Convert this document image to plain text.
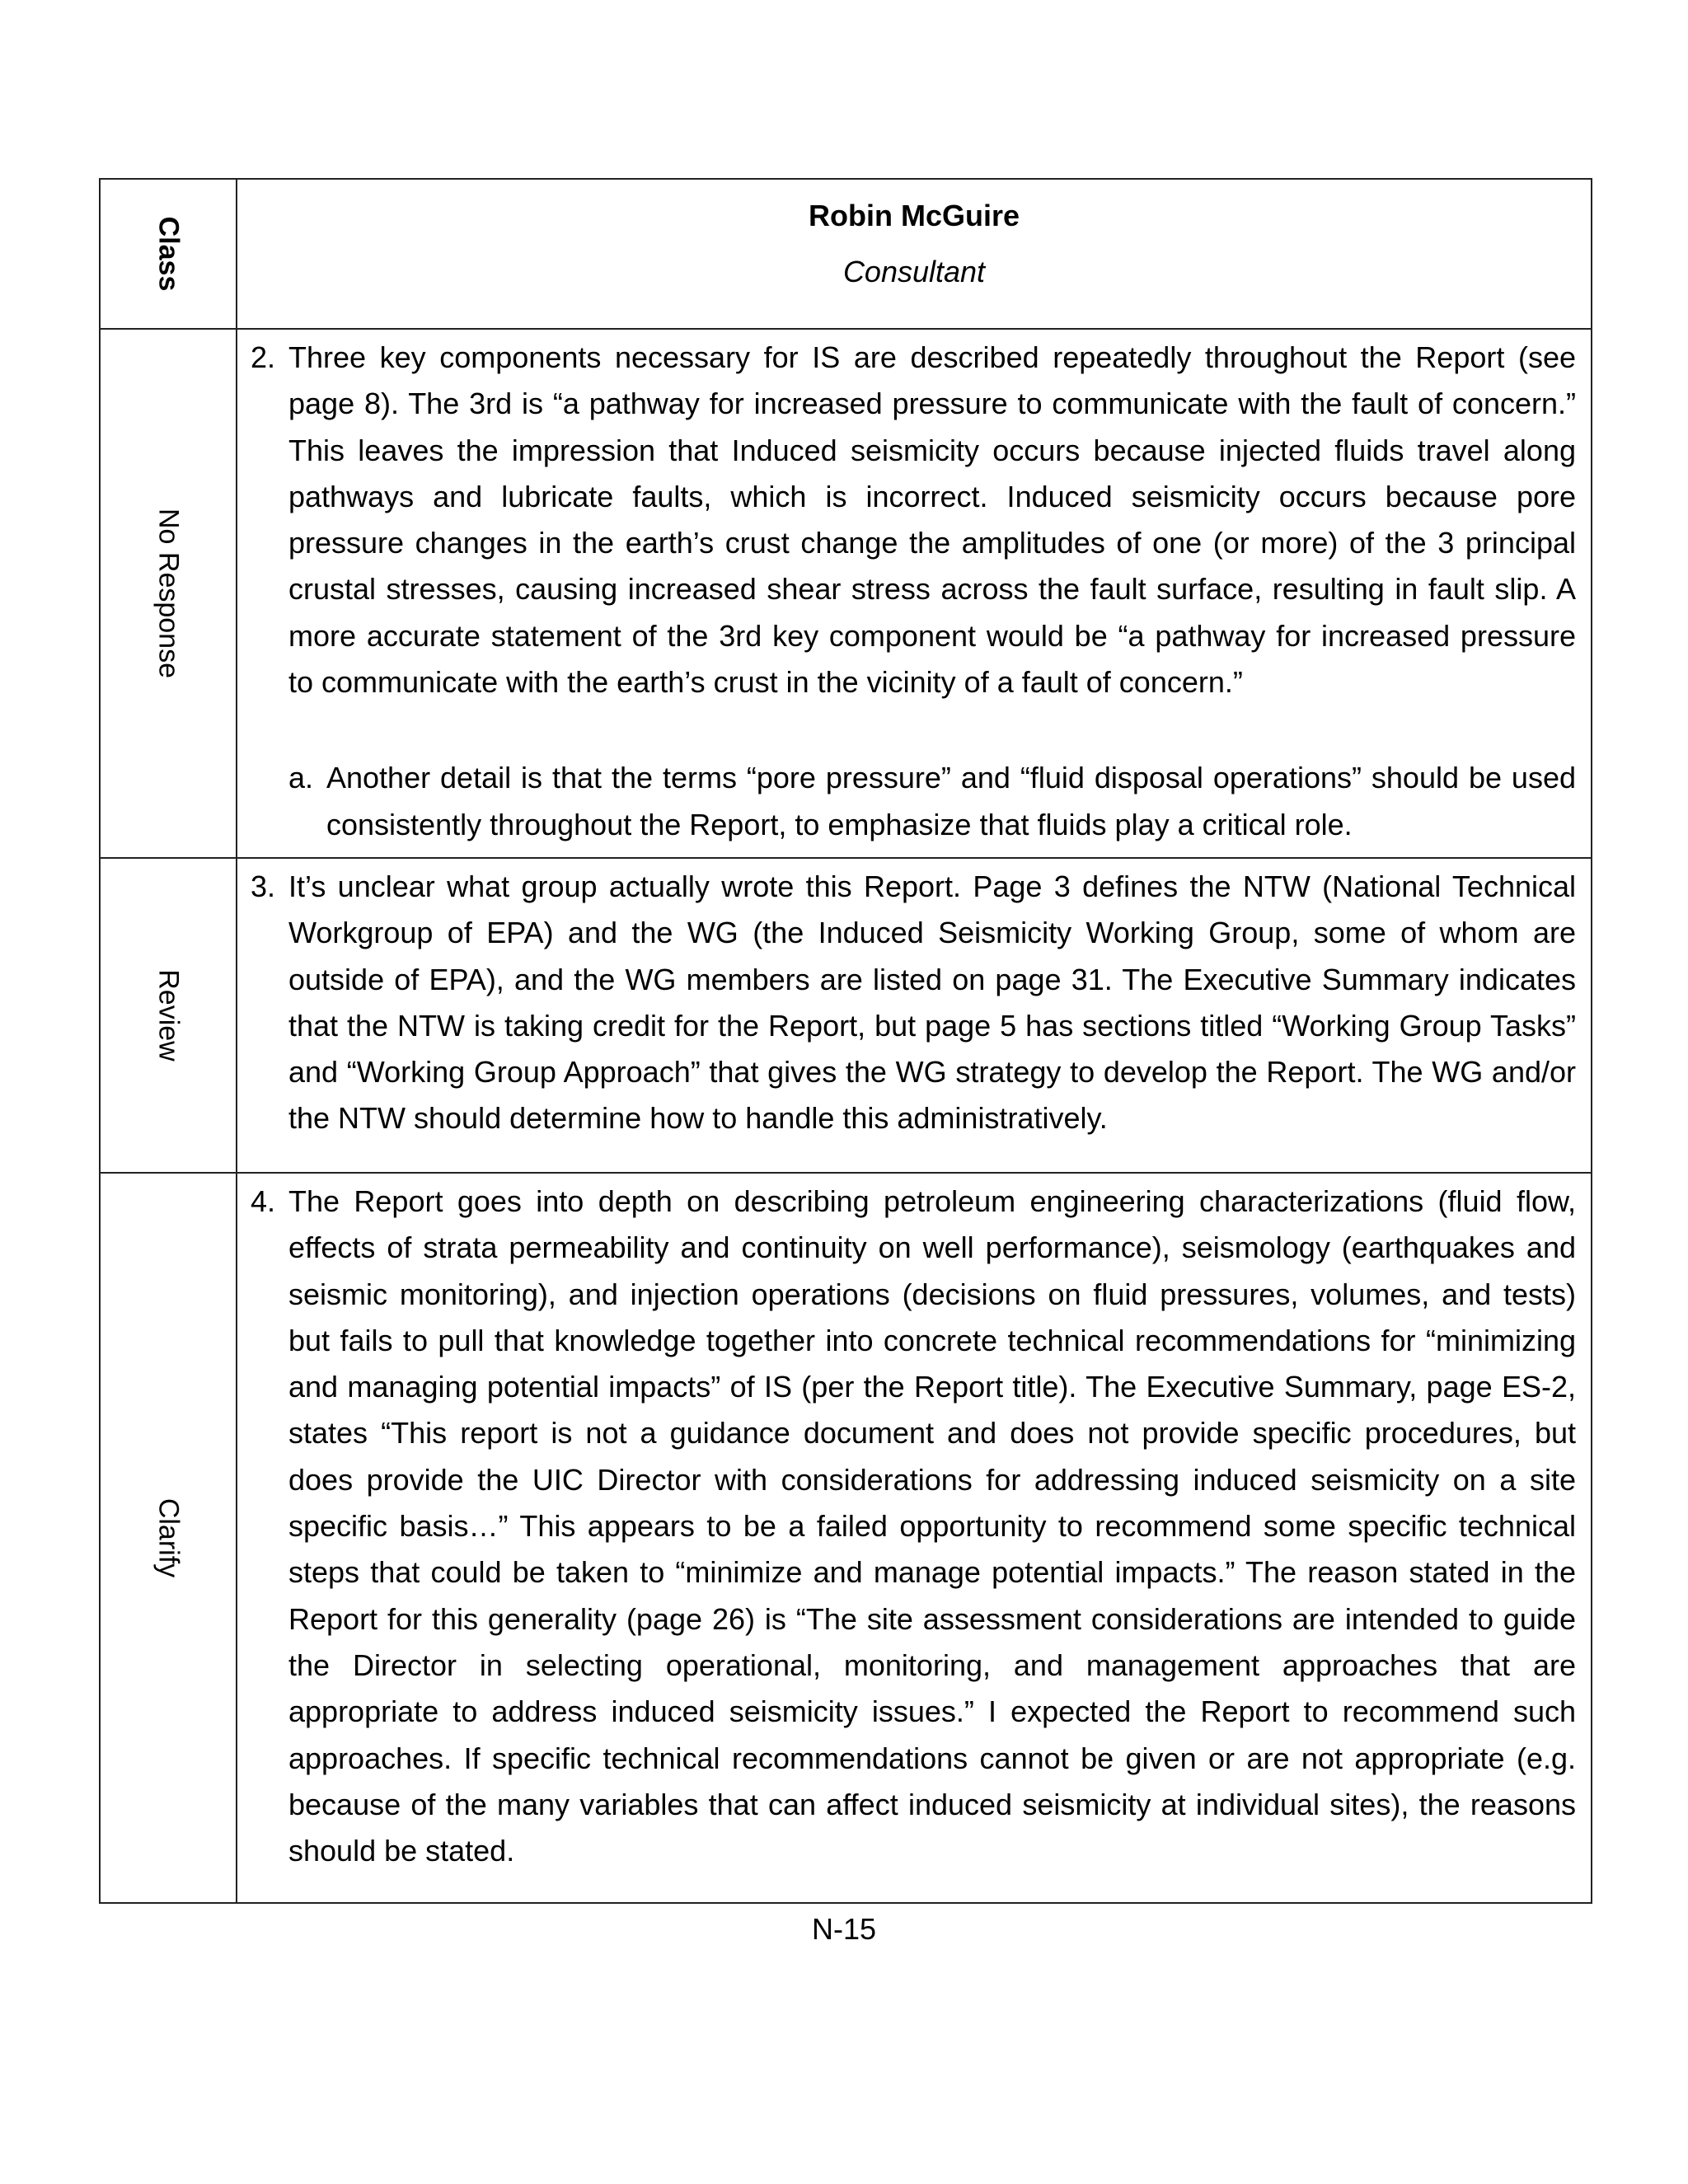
Class	Robin McGuire
Consultant

No Response	2. Three key components necessary for IS are described repeatedly throughout the Report (see page 8). The 3rd is “a pathway for increased pressure to communicate with the fault of concern.” This leaves the impression that Induced seismicity occurs because injected fluids travel along pathways and lubricate faults, which is incorrect. Induced seismicity occurs because pore pressure changes in the earth’s crust change the amplitudes of one (or more) of the 3 principal crustal stresses, causing increased shear stress across the fault surface, resulting in fault slip. A more accurate statement of the 3rd key component would be “a pathway for increased pressure to communicate with the earth’s crust in the vicinity of a fault of concern.”
a. Another detail is that the terms “pore pressure” and “fluid disposal operations” should be used consistently throughout the Report, to emphasize that fluids play a critical role.

Review	3. It’s unclear what group actually wrote this Report. Page 3 defines the NTW (National Technical Workgroup of EPA) and the WG (the Induced Seismicity Working Group, some of whom are outside of EPA), and the WG members are listed on page 31. The Executive Summary indicates that the NTW is taking credit for the Report, but page 5 has sections titled “Working Group Tasks” and “Working Group Approach” that gives the WG strategy to develop the Report. The WG and/or the NTW should determine how to handle this administratively.

Clarify	4. The Report goes into depth on describing petroleum engineering characterizations (fluid flow, effects of strata permeability and continuity on well performance), seismology (earthquakes and seismic monitoring), and injection operations (decisions on fluid pressures, volumes, and tests) but fails to pull that knowledge together into concrete technical recommendations for “minimizing and managing potential impacts” of IS (per the Report title). The Executive Summary, page ES-2, states “This report is not a guidance document and does not provide specific procedures, but does provide the UIC Director with considerations for addressing induced seismicity on a site specific basis…” This appears to be a failed opportunity to recommend some specific technical steps that could be taken to “minimize and manage potential impacts.” The reason stated in the Report for this generality (page 26) is “The site assessment considerations are intended to guide the Director in selecting operational, monitoring, and management approaches that are appropriate to address induced seismicity issues.” I expected the Report to recommend such approaches. If specific technical recommendations cannot be given or are not appropriate (e.g. because of the many variables that can affect induced seismicity at individual sites), the reasons should be stated.
N-15
